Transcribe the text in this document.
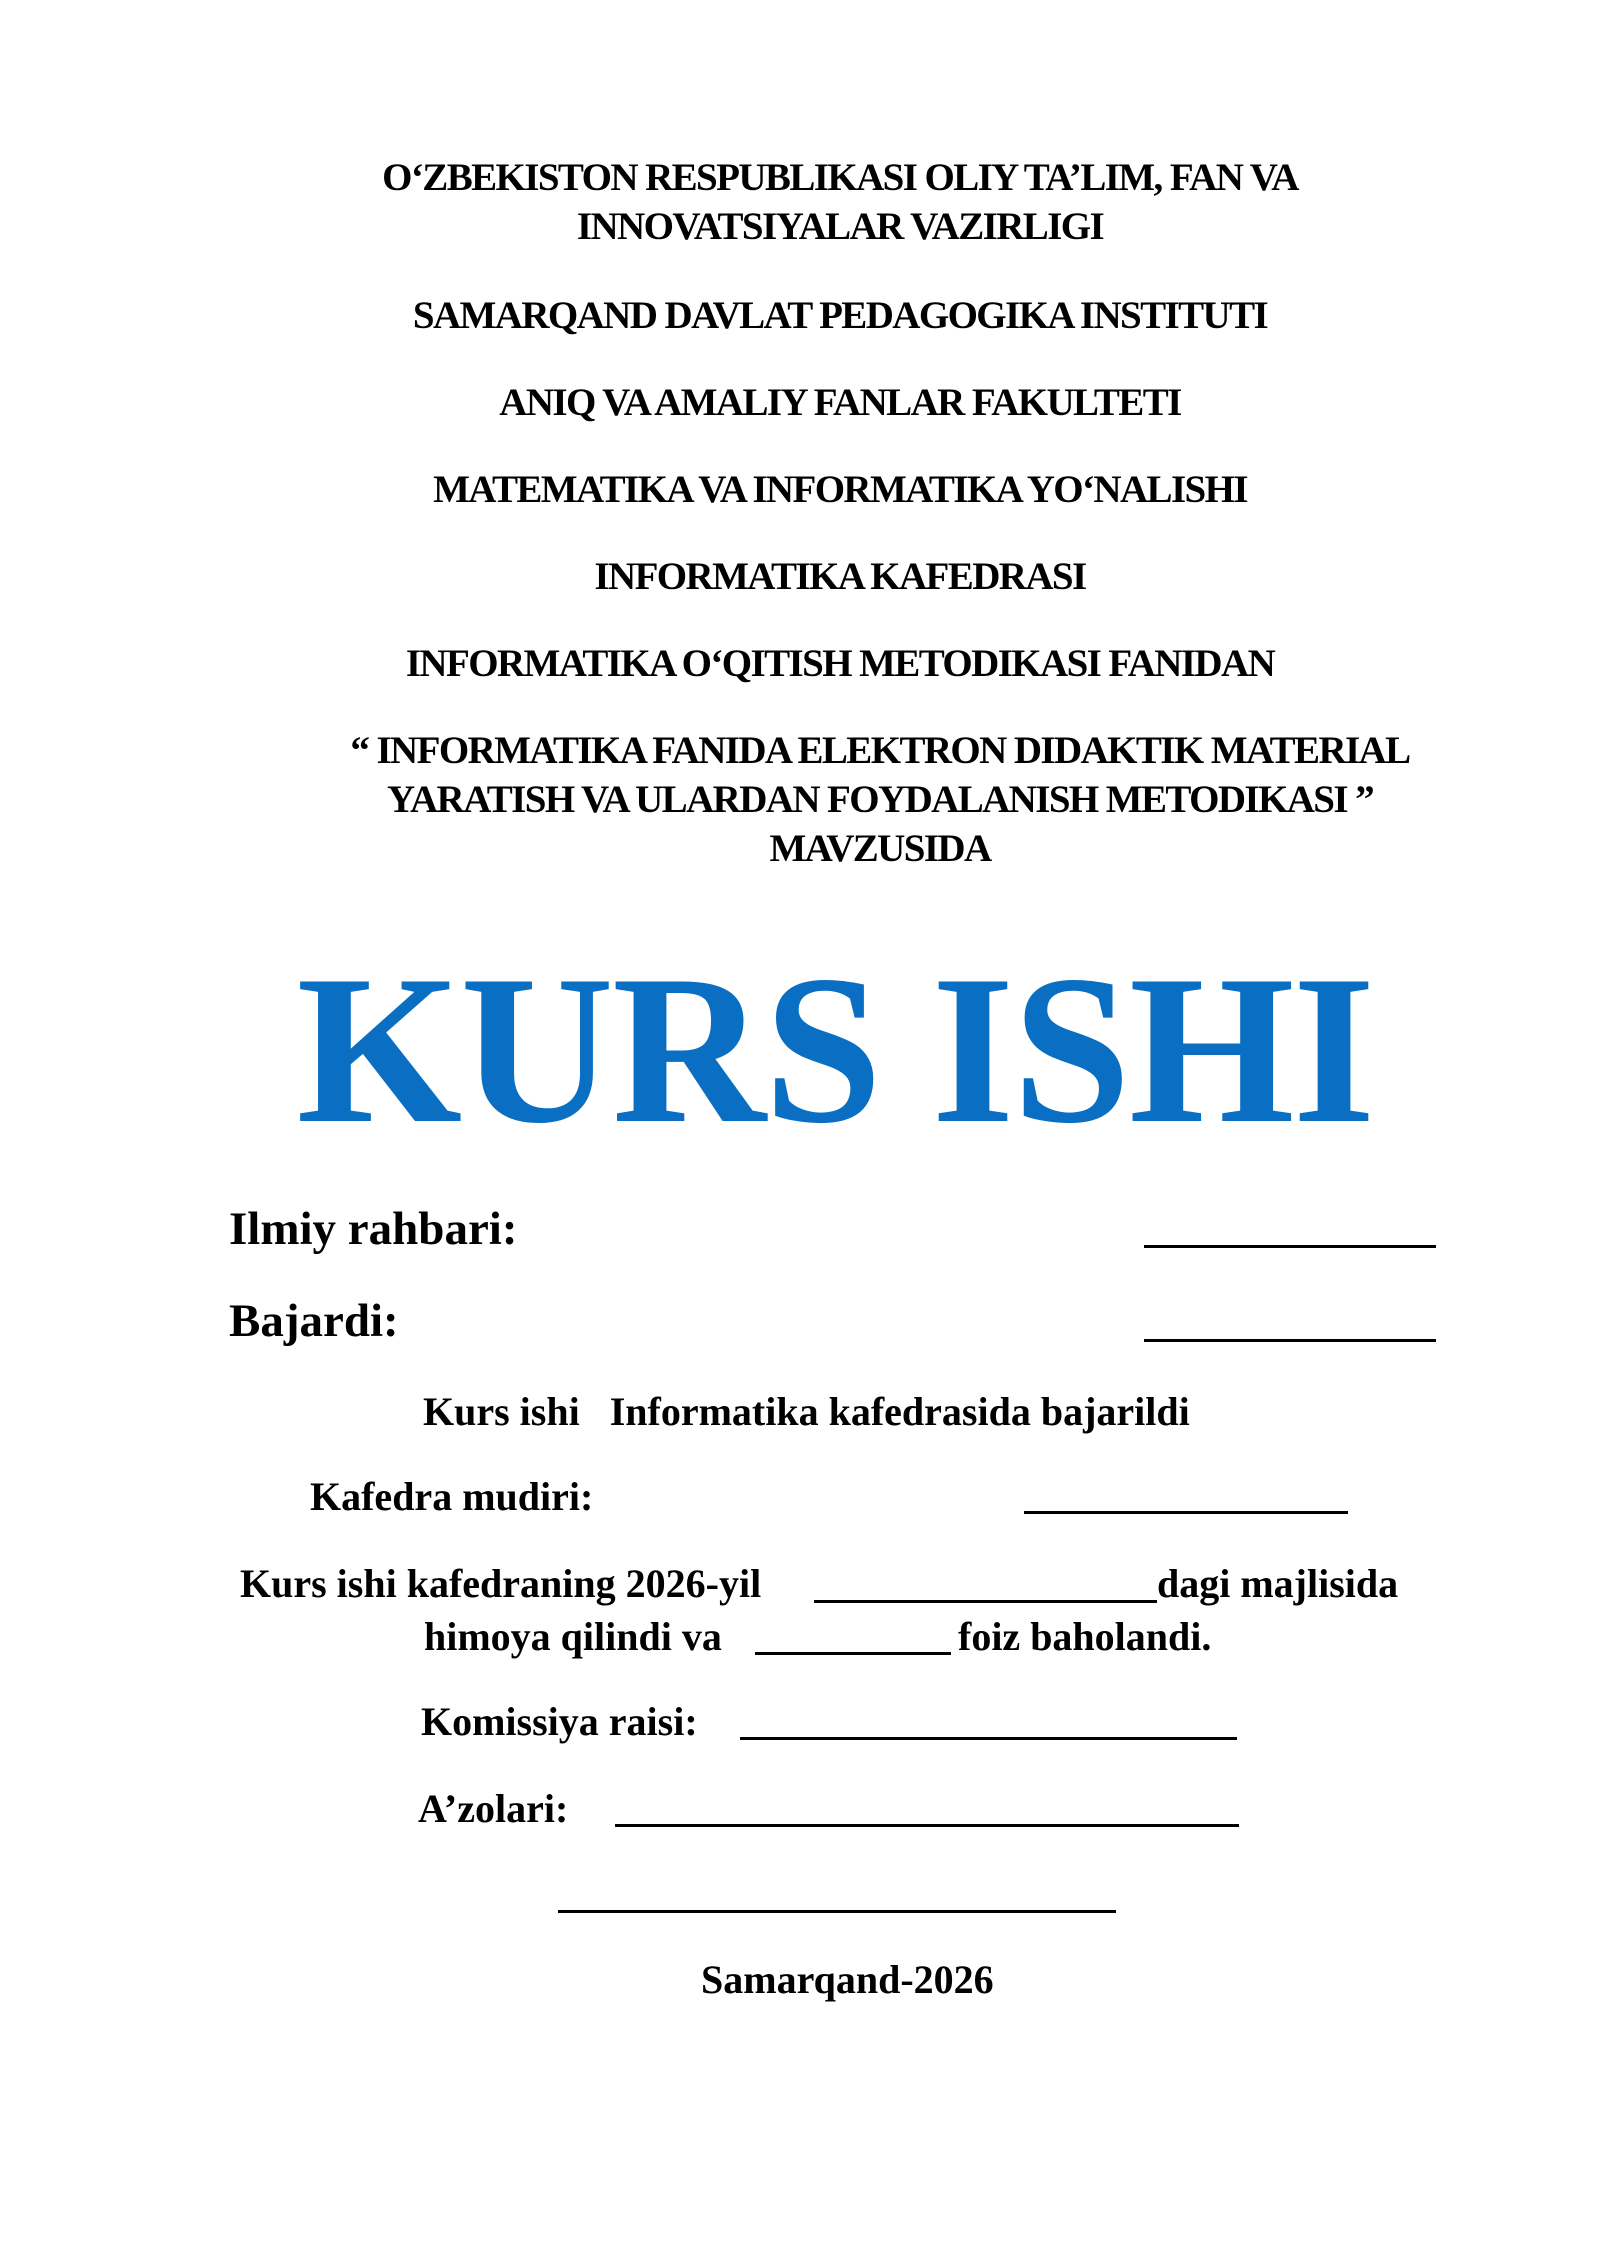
O‘ZBEKISTON RESPUBLIKASI OLIY TA’LIM, FAN VA
INNOVATSIYALAR VAZIRLIGI
SAMARQAND DAVLAT PEDAGOGIKA INSTITUTI
ANIQ VA AMALIY FANLAR FAKULTETI
MATEMATIKA VA INFORMATIKA YO‘NALISHI
INFORMATIKA KAFEDRASI
INFORMATIKA O‘QITISH METODIKASI FANIDAN
“ INFORMATIKA FANIDA ELEKTRON DIDAKTIK MATERIAL
YARATISH VA ULARDAN FOYDALANISH METODIKASI ”
MAVZUSIDA
KURS ISHI
Ilmiy rahbari:
Bajardi:
Kurs ishi   Informatika kafedrasida bajarildi
Kafedra mudiri:
Kurs ishi kafedraning 2026-yil	dagi majlisida
himoya qilindi va	foiz baholandi.
Komissiya raisi:
A’zolari:
Samarqand-2026
